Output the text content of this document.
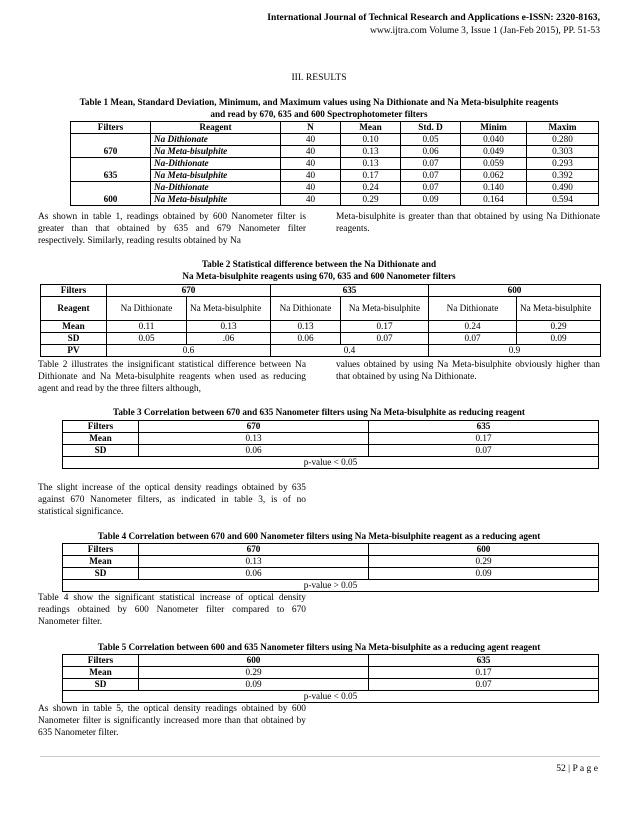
International Journal of Technical Research and Applications e-ISSN: 2320-8163,
www.ijtra.com Volume 3, Issue 1 (Jan-Feb 2015), PP. 51-53
III. RESULTS
Table 1 Mean, Standard Deviation, Minimum, and Maximum values using Na Dithionate and Na Meta-bisulphite reagents
and read by 670, 635 and 600 Spectrophotometer filters
Filters	Reagent	N	Mean	Std. D	Minim	Maxim
	Na Dithionate	40	0.10	0.05	0.040	0.280
670	Na Meta-bisulphite	40	0.13	0.06	0.049	0.303
	Na-Dithionate	40	0.13	0.07	0.059	0.293
635	Na Meta-bisulphite	40	0.17	0.07	0.062	0.392
	Na-Dithionate	40	0.24	0.07	0.140	0.490
600	Na Meta-bisulphite	40	0.29	0.09	0.164	0.594
As shown in table 1, readings obtained by 600 Nanometer filter is greater than that obtained by 635 and 679 Nanometer filter respectively. Similarly, reading results obtained by Na
Meta-bisulphite is greater than that obtained by using Na Dithionate reagents.
Table 2 Statistical difference between the Na Dithionate and
Na Meta-bisulphite reagents using 670, 635 and 600 Nanometer filters
Filters	670		635		600	
Reagent	Na Dithionate	Na Meta-bisulphite	Na Dithionate	Na Meta-bisulphite	Na Dithionate	Na Meta-bisulphite
Mean	0.11	0.13	0.13	0.17	0.24	0.29
SD	0.05	.06	0.06	0.07	0.07	0.09
PV	0.6		0.4		0.9	
Table 2 illustrates the insignificant statistical difference between Na Dithionate and Na Meta-bisulphite reagents when used as reducing agent and read by the three filters although,
values obtained by using Na Meta-bisulphite obviously higher than that obtained by using Na Dithionate.
Table 3 Correlation between 670 and 635 Nanometer filters using Na Meta-bisulphite as reducing reagent
Filters	670	635
Mean	0.13	0.17
SD	0.06	0.07
p-value < 0.05		
The slight increase of the optical density readings obtained by 635 against 670 Nanometer filters, as indicated in table 3, is of no statistical significance.
Table 4 Correlation between 670 and 600 Nanometer filters using Na Meta-bisulphite reagent as a reducing agent
Filters	670	600
Mean	0.13	0.29
SD	0.06	0.09
p-value > 0.05		
Table 4 show the significant statistical increase of optical density readings obtained by 600 Nanometer filter compared to 670 Nanometer filter.
Table 5 Correlation between 600 and 635 Nanometer filters using Na Meta-bisulphite as a reducing agent reagent
Filters	600	635
Mean	0.29	0.17
SD	0.09	0.07
p-value < 0.05		
As shown in table 5, the optical density readings obtained by 600 Nanometer filter is significantly increased more than that obtained by 635 Nanometer filter.
52 | P a g e
